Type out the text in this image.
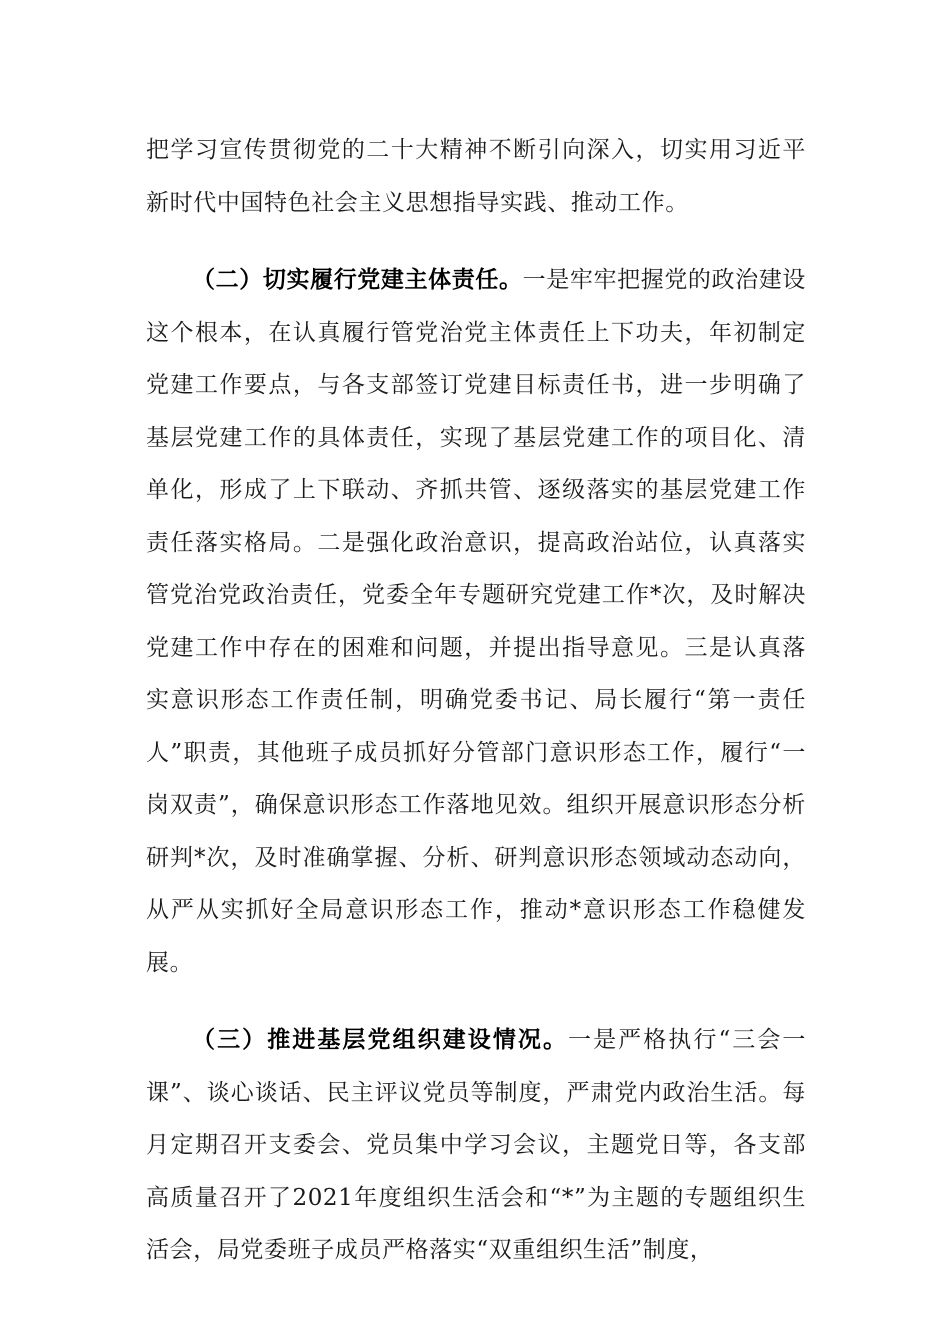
把学习宣传贯彻党的二十大精神不断引向深入，切实用习近平新时代中国特色社会主义思想指导实践、推动工作。

（二）切实履行党建主体责任。一是牢牢把握党的政治建设这个根本，在认真履行管党治党主体责任上下功夫，年初制定党建工作要点，与各支部签订党建目标责任书，进一步明确了基层党建工作的具体责任，实现了基层党建工作的项目化、清单化，形成了上下联动、齐抓共管、逐级落实的基层党建工作责任落实格局。二是强化政治意识，提高政治站位，认真落实管党治党政治责任，党委全年专题研究党建工作*次，及时解决党建工作中存在的困难和问题，并提出指导意见。三是认真落实意识形态工作责任制，明确党委书记、局长履行“第一责任人”职责，其他班子成员抓好分管部门意识形态工作，履行“一岗双责”，确保意识形态工作落地见效。组织开展意识形态分析研判*次，及时准确掌握、分析、研判意识形态领域动态动向，从严从实抓好全局意识形态工作，推动*意识形态工作稳健发展。

（三）推进基层党组织建设情况。一是严格执行“三会一课”、谈心谈话、民主评议党员等制度，严肃党内政治生活。每月定期召开支委会、党员集中学习会议，主题党日等，各支部高质量召开了2021年度组织生活会和“*”为主题的专题组织生活会，局党委班子成员严格落实“双重组织生活”制度，
